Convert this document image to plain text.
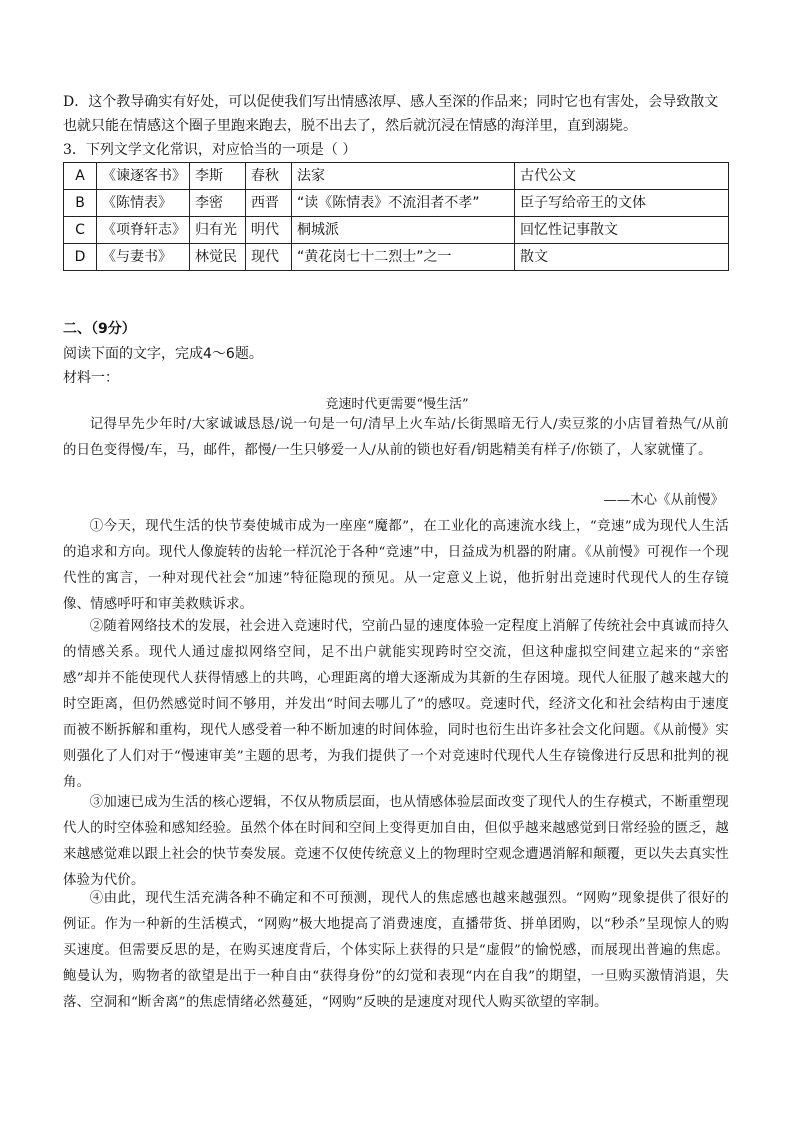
D．这个教导确实有好处，可以促使我们写出情感浓厚、感人至深的作品来；同时它也有害处，会导致散文
也就只能在情感这个圈子里跑来跑去，脱不出去了，然后就沉浸在情感的海洋里，直到溺毙。
3．下列文学文化常识，对应恰当的一项是（ ）
A	《谏逐客书》	李斯	春秋	法家	古代公文
B	《陈情表》	李密	西晋	“读《陈情表》不流泪者不孝”	臣子写给帝王的文体
C	《项脊轩志》	归有光	明代	桐城派	回忆性记事散文
D	《与妻书》	林觉民	现代	“黄花岗七十二烈士”之一	散文
二、（9分）
阅读下面的文字，完成4～6题。
材料一：
竞速时代更需要“慢生活”
记得早先少年时/大家诚诚恳恳/说一句是一句/清早上火车站/长街黑暗无行人/卖豆浆的小店冒着热气/从前的日色变得慢/车，马，邮件，都慢/一生只够爱一人/从前的锁也好看/钥匙精美有样子/你锁了，人家就懂了。
——木心《从前慢》
①今天，现代生活的快节奏使城市成为一座座“魔都”，在工业化的高速流水线上，“竞速”成为现代人生活的追求和方向。现代人像旋转的齿轮一样沉沦于各种“竞速”中，日益成为机器的附庸。《从前慢》可视作一个现代性的寓言，一种对现代社会“加速”特征隐现的预见。从一定意义上说，他折射出竞速时代现代人的生存镜像、情感呼吁和审美救赎诉求。
②随着网络技术的发展，社会进入竞速时代，空前凸显的速度体验一定程度上消解了传统社会中真诚而持久的情感关系。现代人通过虚拟网络空间，足不出户就能实现跨时空交流，但这种虚拟空间建立起来的“亲密感”却并不能使现代人获得情感上的共鸣，心理距离的增大逐渐成为其新的生存困境。现代人征服了越来越大的时空距离，但仍然感觉时间不够用，并发出“时间去哪儿了”的感叹。竞速时代，经济文化和社会结构由于速度而被不断拆解和重构，现代人感受着一种不断加速的时间体验，同时也衍生出许多社会文化问题。《从前慢》实则强化了人们对于“慢速审美”主题的思考，为我们提供了一个对竞速时代现代人生存镜像进行反思和批判的视角。
③加速已成为生活的核心逻辑，不仅从物质层面，也从情感体验层面改变了现代人的生存模式，不断重塑现代人的时空体验和感知经验。虽然个体在时间和空间上变得更加自由，但似乎越来越感觉到日常经验的匮乏，越来越感觉难以跟上社会的快节奏发展。竞速不仅使传统意义上的物理时空观念遭遇消解和颠覆，更以失去真实性体验为代价。
④由此，现代生活充满各种不确定和不可预测，现代人的焦虑感也越来越强烈。“网购”现象提供了很好的例证。作为一种新的生活模式，“网购”极大地提高了消费速度，直播带货、拼单团购，以“秒杀”呈现惊人的购买速度。但需要反思的是，在购买速度背后，个体实际上获得的只是“虚假”的愉悦感，而展现出普遍的焦虑。鲍曼认为，购物者的欲望是出于一种自由“获得身份”的幻觉和表现“内在自我”的期望，一旦购买激情消退，失落、空洞和“断舍离”的焦虑情绪必然蔓延，“网购”反映的是速度对现代人购买欲望的宰制。
